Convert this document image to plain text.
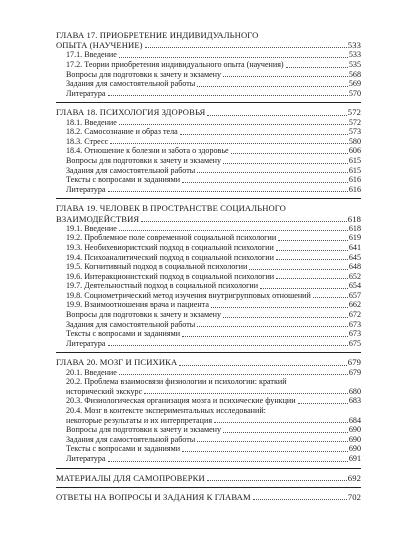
ГЛАВА 17. ПРИОБРЕТЕНИЕ ИНДИВИДУАЛЬНОГО
ОПЫТА (НАУЧЕНИЕ)	533
17.1. Введение	533
17.2. Теории приобретения индивидуального опыта (научения)	535
Вопросы для подготовки к зачету и экзамену	568
Задания для самостоятельной работы	569
Литература	570
ГЛАВА 18. ПСИХОЛОГИЯ ЗДОРОВЬЯ	572
18.1. Введение	572
18.2. Самосознание и образ тела	573
18.3. Стресс	580
18.4. Отношение к болезни и забота о здоровье	606
Вопросы для подготовки к зачету и экзамену	615
Задания для самостоятельной работы	615
Тексты с вопросами и заданиями	616
Литература	616
ГЛАВА 19. ЧЕЛОВЕК В ПРОСТРАНСТВЕ СОЦИАЛЬНОГО
ВЗАИМОДЕЙСТВИЯ	618
19.1. Введение	618
19.2. Проблемное поле современной социальной психологии	619
19.3. Необихевиористский подход в социальной психологии	641
19.4. Психоаналитический подход в социальной психологии	645
19.5. Когнитивный подход в социальной психологии	648
19.6. Интеракционистский подход в социальной психологии	652
19.7. Деятельностный подход в социальной психологии	654
19.8. Социометрический метод изучения внутригрупповых отношений	657
19.9. Взаимоотношения врача и пациента	662
Вопросы для подготовки к зачету и экзамену	672
Задания для самостоятельной работы	673
Тексты с вопросами и заданиями	673
Литература	675
ГЛАВА 20. МОЗГ И ПСИХИКА	679
20.1. Введение	679
20.2. Проблема взаимосвязи физиологии и психологии: краткий
исторический экскурс	680
20.3. Физиологическая организация мозга и психические функции	683
20.4. Мозг в контексте экспериментальных исследований:
некоторые результаты и их интерпретация	684
Вопросы для подготовки к зачету и экзамену	690
Задания для самостоятельной работы	690
Тексты с вопросами и заданиями	690
Литература	691
МАТЕРИАЛЫ ДЛЯ САМОПРОВЕРКИ	692
ОТВЕТЫ НА ВОПРОСЫ И ЗАДАНИЯ К ГЛАВАМ	702
